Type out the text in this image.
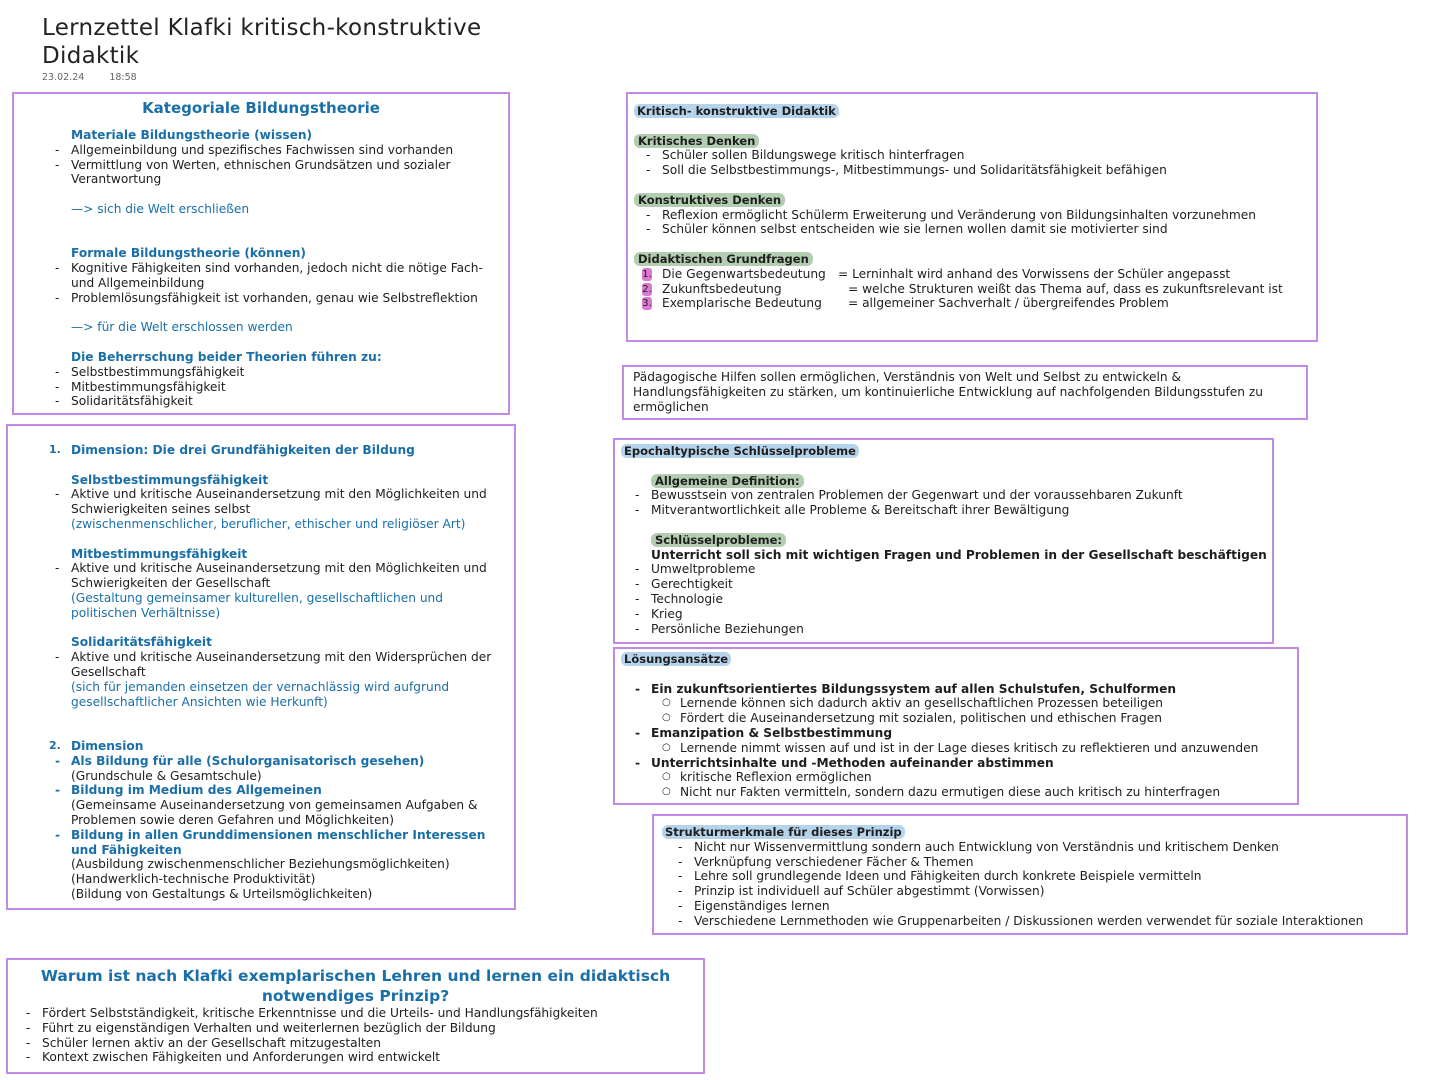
Lernzettel Klafki kritisch-konstruktive Didaktik
23.02.24	18:58
Kategoriale Bildungstheorie
Materiale Bildungstheorie (wissen)
- Allgemeinbildung und spezifisches Fachwissen sind vorhanden
- Vermittlung von Werten, ethnischen Grundsätzen und sozialer Verantwortung
—> sich die Welt erschließen
Formale Bildungstheorie (können)
- Kognitive Fähigkeiten sind vorhanden, jedoch nicht die nötige Fach- und Allgemeinbildung
- Problemlösungsfähigkeit ist vorhanden, genau wie Selbstreflektion
—> für die Welt erschlossen werden
Die Beherrschung beider Theorien führen zu:
- Selbstbestimmungsfähigkeit
- Mitbestimmungsfähigkeit
- Solidaritätsfähigkeit
1. Dimension: Die drei Grundfähigkeiten der Bildung
Selbstbestimmungsfähigkeit
- Aktive und kritische Auseinandersetzung mit den Möglichkeiten und Schwierigkeiten seines selbst
(zwischenmenschlicher, beruflicher, ethischer und religiöser Art)
Mitbestimmungsfähigkeit
- Aktive und kritische Auseinandersetzung mit den Möglichkeiten und Schwierigkeiten der Gesellschaft
(Gestaltung gemeinsamer kulturellen, gesellschaftlichen und politischen Verhältnisse)
Solidaritätsfähigkeit
- Aktive und kritische Auseinandersetzung mit den Widersprüchen der Gesellschaft
(sich für jemanden einsetzen der vernachlässig wird aufgrund gesellschaftlicher Ansichten wie Herkunft)
2. Dimension
- Als Bildung für alle (Schulorganisatorisch gesehen)
(Grundschule & Gesamtschule)
- Bildung im Medium des Allgemeinen
(Gemeinsame Auseinandersetzung von gemeinsamen Aufgaben & Problemen sowie deren Gefahren und Möglichkeiten)
- Bildung in allen Grunddimensionen menschlicher Interessen und Fähigkeiten
(Ausbildung zwischenmenschlicher Beziehungsmöglichkeiten)
(Handwerklich-technische Produktivität)
(Bildung von Gestaltungs & Urteilsmöglichkeiten)
Warum ist nach Klafki exemplarischen Lehren und lernen ein didaktisch notwendiges Prinzip?
- Fördert Selbstständigkeit, kritische Erkenntnisse und die Urteils- und Handlungsfähigkeiten
- Führt zu eigenständigen Verhalten und weiterlernen bezüglich der Bildung
- Schüler lernen aktiv an der Gesellschaft mitzugestalten
- Kontext zwischen Fähigkeiten und Anforderungen wird entwickelt
Kritisch- konstruktive Didaktik
Kritisches Denken
- Schüler sollen Bildungswege kritisch hinterfragen
- Soll die Selbstbestimmungs-, Mitbestimmungs- und Solidaritätsfähigkeit befähigen
Konstruktives Denken
- Reflexion ermöglicht Schülerm Erweiterung und Veränderung von Bildungsinhalten vorzunehmen
- Schüler können selbst entscheiden wie sie lernen wollen damit sie motivierter sind
Didaktischen Grundfragen
1. Die Gegenwartsbedeutung = Lerninhalt wird anhand des Vorwissens der Schüler angepasst
2. Zukunftsbedeutung	= welche Strukturen weißt das Thema auf, dass es zukunftsrelevant ist
3. Exemplarische Bedeutung = allgemeiner Sachverhalt / übergreifendes Problem
Pädagogische Hilfen sollen ermöglichen, Verständnis von Welt und Selbst zu entwickeln & Handlungsfähigkeiten zu stärken, um kontinuierliche Entwicklung auf nachfolgenden Bildungsstufen zu ermöglichen
Epochaltypische Schlüsselprobleme
Allgemeine Definition:
- Bewusstsein von zentralen Problemen der Gegenwart und der voraussehbaren Zukunft
- Mitverantwortlichkeit alle Probleme & Bereitschaft ihrer Bewältigung
Schlüsselprobleme:
Unterricht soll sich mit wichtigen Fragen und Problemen in der Gesellschaft beschäftigen
- Umweltprobleme
- Gerechtigkeit
- Technologie
- Krieg
- Persönliche Beziehungen
Lösungsansätze
- Ein zukunftsorientiertes Bildungssystem auf allen Schulstufen, Schulformen
○ Lernende können sich dadurch aktiv an gesellschaftlichen Prozessen beteiligen
○ Fördert die Auseinandersetzung mit sozialen, politischen und ethischen Fragen
- Emanzipation & Selbstbestimmung
○ Lernende nimmt wissen auf und ist in der Lage dieses kritisch zu reflektieren und anzuwenden
- Unterrichtsinhalte und -Methoden aufeinander abstimmen
○ kritische Reflexion ermöglichen
○ Nicht nur Fakten vermitteln, sondern dazu ermutigen diese auch kritisch zu hinterfragen
Strukturmerkmale für dieses Prinzip
- Nicht nur Wissenvermittlung sondern auch Entwicklung von Verständnis und kritischem Denken
- Verknüpfung verschiedener Fächer & Themen
- Lehre soll grundlegende Ideen und Fähigkeiten durch konkrete Beispiele vermitteln
- Prinzip ist individuell auf Schüler abgestimmt (Vorwissen)
- Eigenständiges lernen
- Verschiedene Lernmethoden wie Gruppenarbeiten / Diskussionen werden verwendet für soziale Interaktionen
